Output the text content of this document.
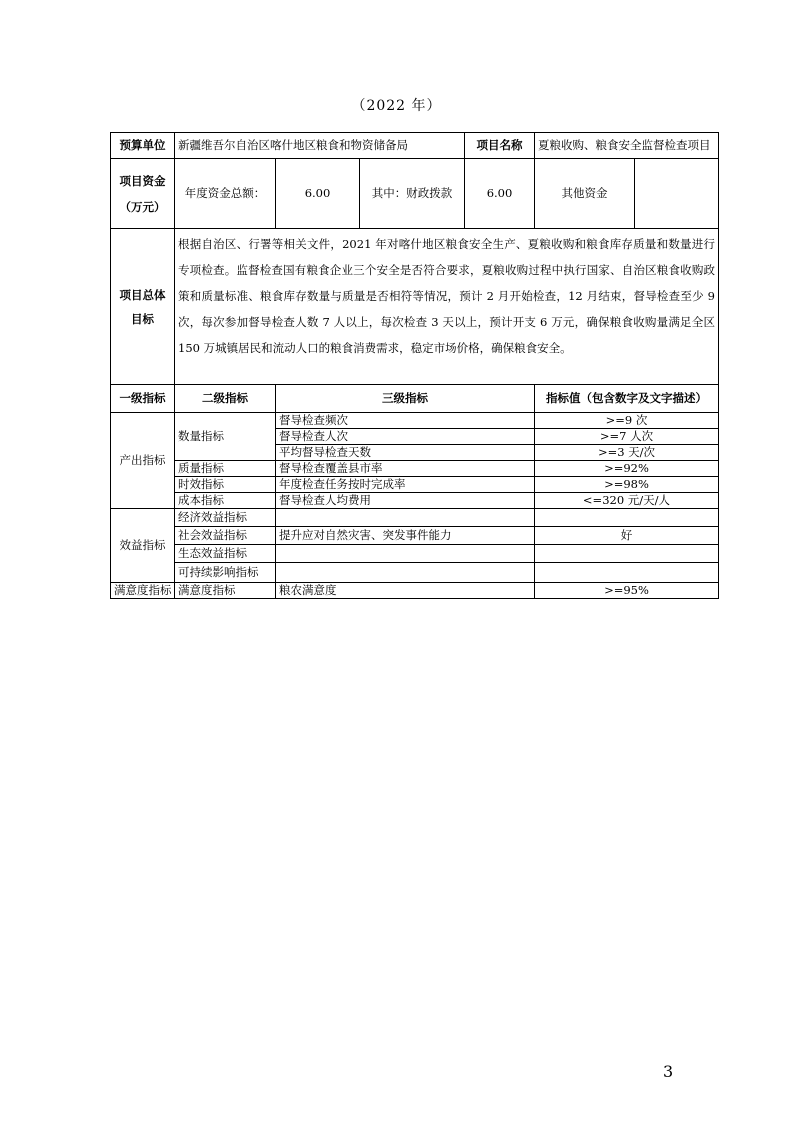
（2022 年）
预算单位	新疆维吾尔自治区喀什地区粮食和物资储备局			项目名称	夏粮收购、粮食安全监督检查项目	
项目资金
（万元）	年度资金总额：	6.00	其中：财政拨款	6.00	其他资金	
项目总体目标	根据自治区、行署等相关文件，2021 年对喀什地区粮食安全生产、夏粮收购和粮食库存质量和数量进行专项检查。监督检查国有粮食企业三个安全是否符合要求，夏粮收购过程中执行国家、自治区粮食收购政策和质量标准、粮食库存数量与质量是否相符等情况，预计 2 月开始检查，12 月结束，督导检查至少 9 次，每次参加督导检查人数 7 人以上，每次检查 3 天以上，预计开支 6 万元，确保粮食收购量满足全区 150 万城镇居民和流动人口的粮食消费需求，稳定市场价格，确保粮食安全。					
一级指标	二级指标	三级指标			指标值（包含数字及文字描述）	
产出指标	数量指标	督导检查频次			>=9 次	
		督导检查人次			>=7 人次	
		平均督导检查天数			>=3 天/次	
	质量指标	督导检查覆盖县市率			>=92%	
	时效指标	年度检查任务按时完成率			>=98%	
	成本指标	督导检查人均费用			<=320 元/天/人	
效益指标	经济效益指标					
	社会效益指标	提升应对自然灾害、突发事件能力			好	
	生态效益指标					
	可持续影响指标					
满意度指标	满意度指标	粮农满意度			>=95%	
3
